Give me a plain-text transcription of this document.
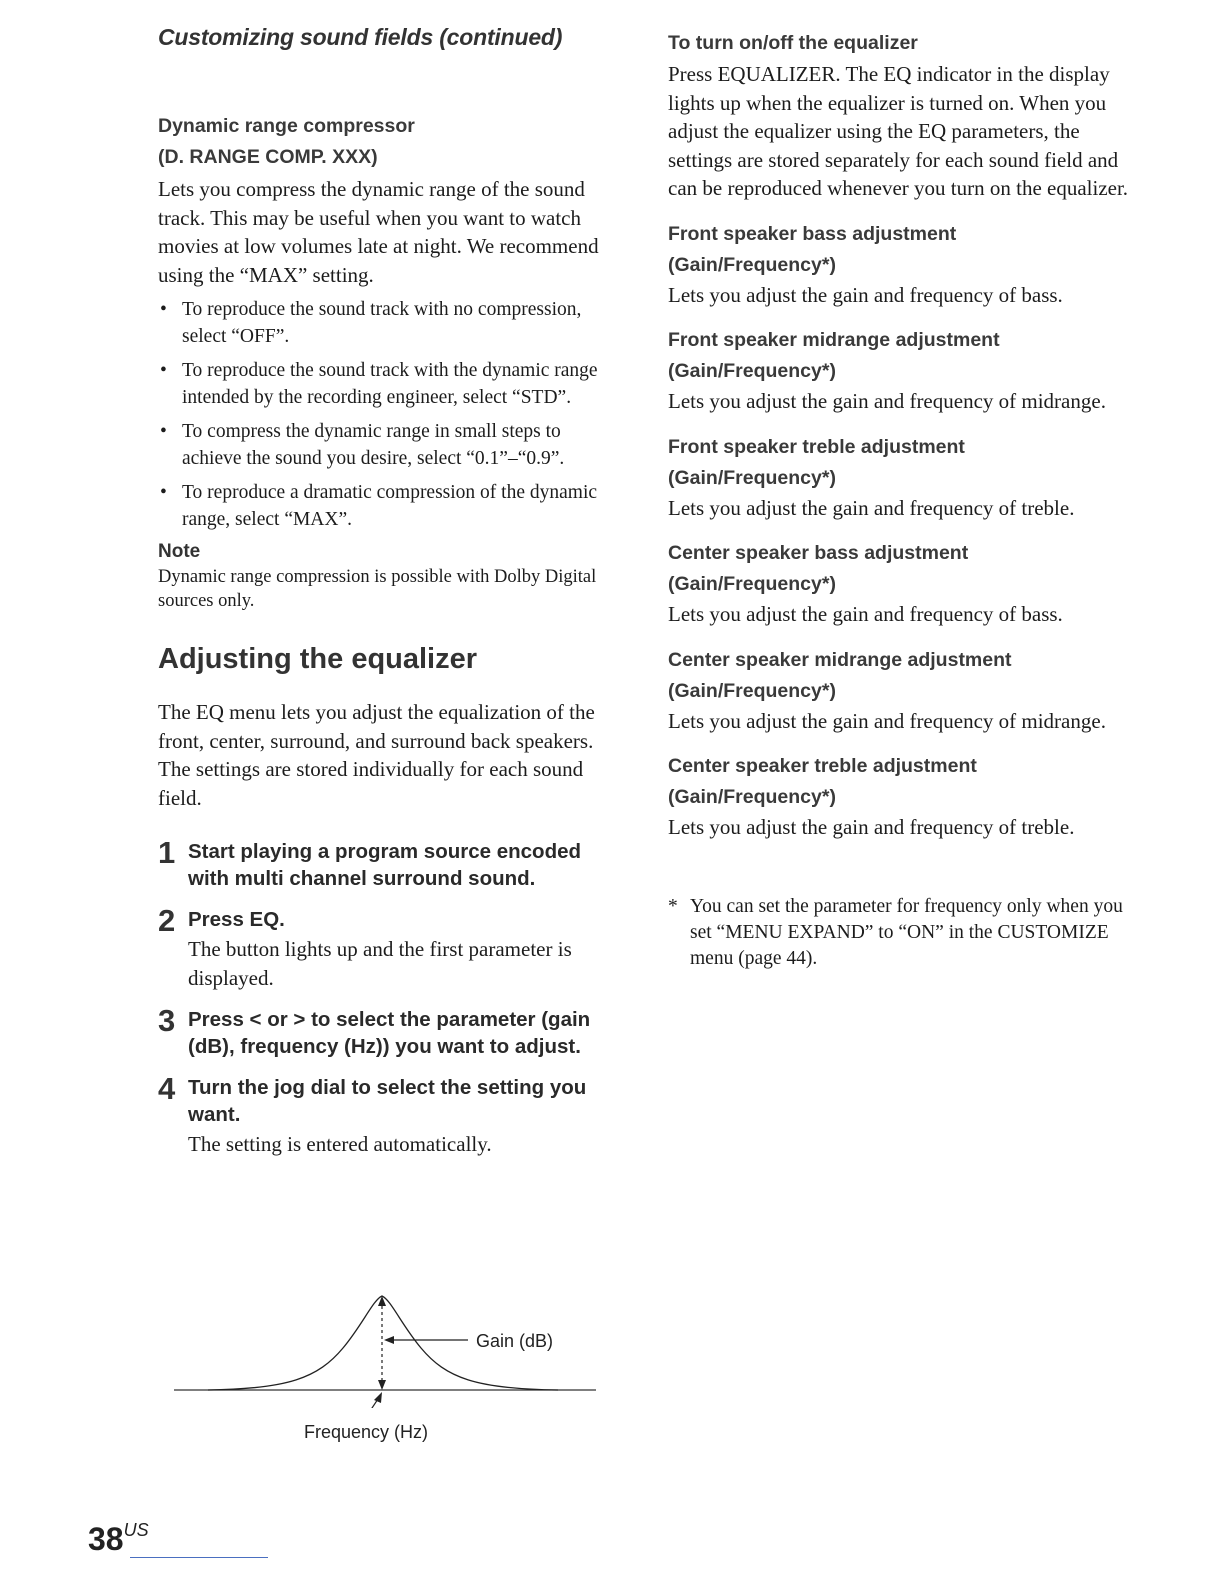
Customizing sound fields (continued)

Dynamic range compressor

(D. RANGE COMP. XXX)

Lets you compress the dynamic range of the sound track. This may be useful when you want to watch movies at low volumes late at night. We recommend using the “MAX” setting.

• To reproduce the sound track with no compression, select “OFF”.
• To reproduce the sound track with the dynamic range intended by the recording engineer, select “STD”.
• To compress the dynamic range in small steps to achieve the sound you desire, select “0.1”–“0.9”.
• To reproduce a dramatic compression of the dynamic range, select “MAX”.

Note

Dynamic range compression is possible with Dolby Digital sources only.

Adjusting the equalizer

The EQ menu lets you adjust the equalization of the front, center, surround, and surround back speakers. The settings are stored individually for each sound field.

1 Start playing a program source encoded with multi channel surround sound.

2 Press EQ.

The button lights up and the first parameter is displayed.

3 Press < or > to select the parameter (gain (dB), frequency (Hz)) you want to adjust.

4 Turn the jog dial to select the setting you want.

The setting is entered automatically.

Gain (dB)
Frequency (Hz)

To turn on/off the equalizer

Press EQUALIZER. The EQ indicator in the display lights up when the equalizer is turned on. When you adjust the equalizer using the EQ parameters, the settings are stored separately for each sound field and can be reproduced whenever you turn on the equalizer.

Front speaker bass adjustment

(Gain/Frequency*)

Lets you adjust the gain and frequency of bass.

Front speaker midrange adjustment

(Gain/Frequency*)

Lets you adjust the gain and frequency of midrange.

Front speaker treble adjustment

(Gain/Frequency*)

Lets you adjust the gain and frequency of treble.

Center speaker bass adjustment

(Gain/Frequency*)

Lets you adjust the gain and frequency of bass.

Center speaker midrange adjustment

(Gain/Frequency*)

Lets you adjust the gain and frequency of midrange.

Center speaker treble adjustment

(Gain/Frequency*)

Lets you adjust the gain and frequency of treble.

* You can set the parameter for frequency only when you set “MENU EXPAND” to “ON” in the CUSTOMIZE menu (page 44).

$38^{US}$
